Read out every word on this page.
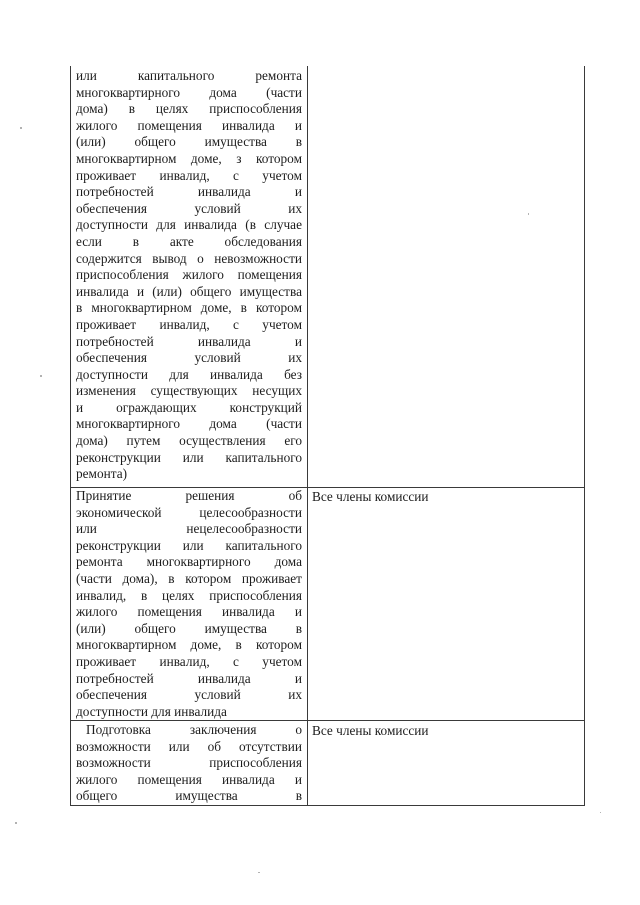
или капитального ремонта
многоквартирного дома (части
дома) в целях приспособления
жилого помещения инвалида и
(или) общего имущества в
многоквартирном доме, з котором
проживает инвалид, с учетом
потребностей инвалида и
обеспечения условий их
доступности для инвалида (в случае
если в акте обследования
содержится вывод о невозможности
приспособления жилого помещения
инвалида и (или) общего имущества
в многоквартирном доме, в котором
проживает инвалид, с учетом
потребностей инвалида и
обеспечения условий их
доступности для инвалида без
изменения существующих несущих
и ограждающих конструкций
многоквартирного дома (части
дома) путем осуществления его
реконструкции или капитального
ремонта)
Принятие решения об
экономической целесообразности
или нецелесообразности
реконструкции или капитального
ремонта многоквартирного дома
(части дома), в котором проживает
инвалид, в целях приспособления
жилого помещения инвалида и
(или) общего имущества в
многоквартирном доме, в котором
проживает инвалид, с учетом
потребностей инвалида и
обеспечения условий их
доступности для инвалида
Все члены комиссии
Подготовка заключения о
возможности или об отсутствии
возможности приспособления
жилого помещения инвалида и
общего имущества в
Все члены комиссии
